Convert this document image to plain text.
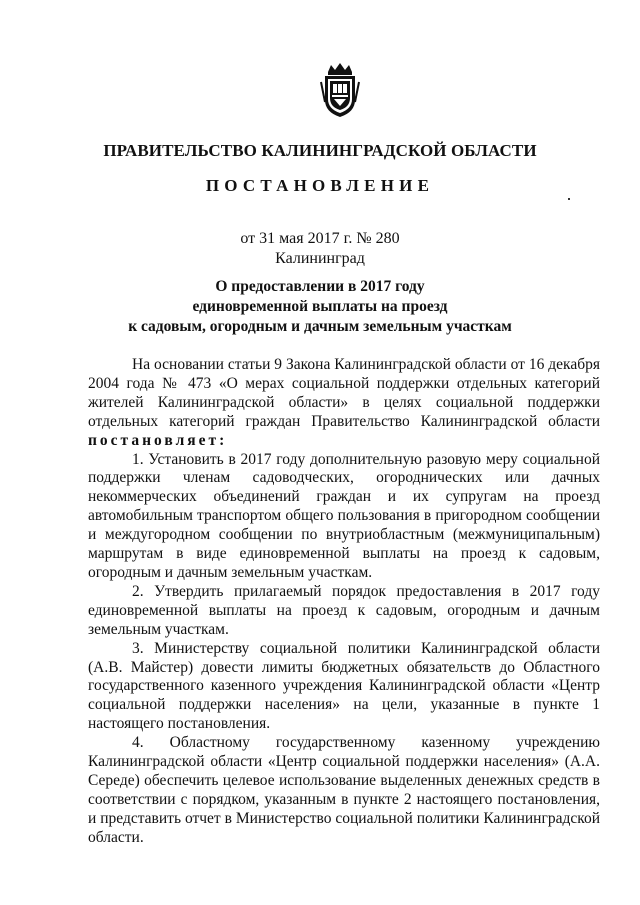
ПРАВИТЕЛЬСТВО КАЛИНИНГРАДСКОЙ ОБЛАСТИ
ПОСТАНОВЛЕНИЕ
от 31 мая 2017 г. № 280
Калининград
О предоставлении в 2017 году
единовременной выплаты на проезд
к садовым, огородным и дачным земельным участкам

На основании статьи 9 Закона Калининградской области от 16 декабря 2004 года № 473 «О мерах социальной поддержки отдельных категорий жителей Калининградской области» в целях социальной поддержки отдельных категорий граждан Правительство Калининградской области постановляет:

1. Установить в 2017 году дополнительную разовую меру социальной поддержки членам садоводческих, огороднических или дачных некоммерческих объединений граждан и их супругам на проезд автомобильным транспортом общего пользования в пригородном сообщении и междугородном сообщении по внутриобластным (межмуниципальным) маршрутам в виде единовременной выплаты на проезд к садовым, огородным и дачным земельным участкам.

2. Утвердить прилагаемый порядок предоставления в 2017 году единовременной выплаты на проезд к садовым, огородным и дачным земельным участкам.

3. Министерству социальной политики Калининградской области (А.В. Майстер) довести лимиты бюджетных обязательств до Областного государственного казенного учреждения Калининградской области «Центр социальной поддержки населения» на цели, указанные в пункте 1 настоящего постановления.

4. Областному государственному казенному учреждению Калининградской области «Центр социальной поддержки населения» (А.А. Середе) обеспечить целевое использование выделенных денежных средств в соответствии с порядком, указанным в пункте 2 настоящего постановления, и представить отчет в Министерство социальной политики Калининградской области.
